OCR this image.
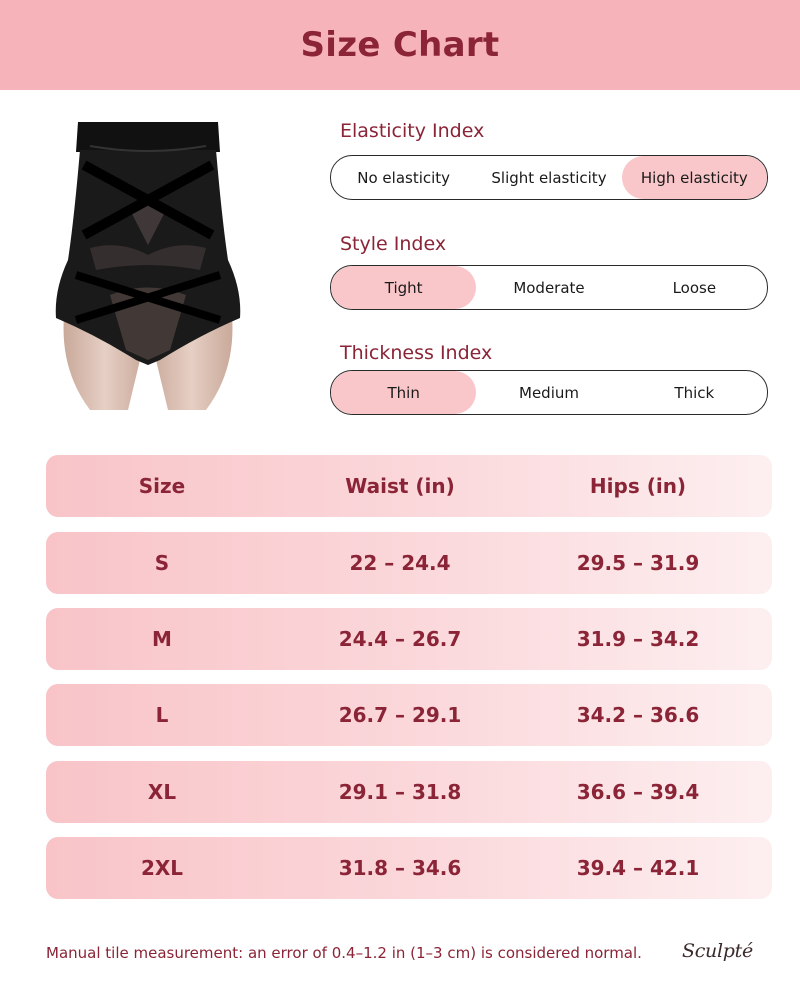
Size Chart
Elasticity Index
No elasticity	Slight elasticity	High elasticity
Style Index
Tight	Moderate	Loose
Thickness Index
Thin	Medium	Thick
Size	Waist (in)	Hips (in)
S	22 – 24.4	29.5 – 31.9
M	24.4 – 26.7	31.9 – 34.2
L	26.7 – 29.1	34.2 – 36.6
XL	29.1 – 31.8	36.6 – 39.4
2XL	31.8 – 34.6	39.4 – 42.1
Manual tile measurement: an error of 0.4–1.2 in (1–3 cm) is considered normal. Sculpté
